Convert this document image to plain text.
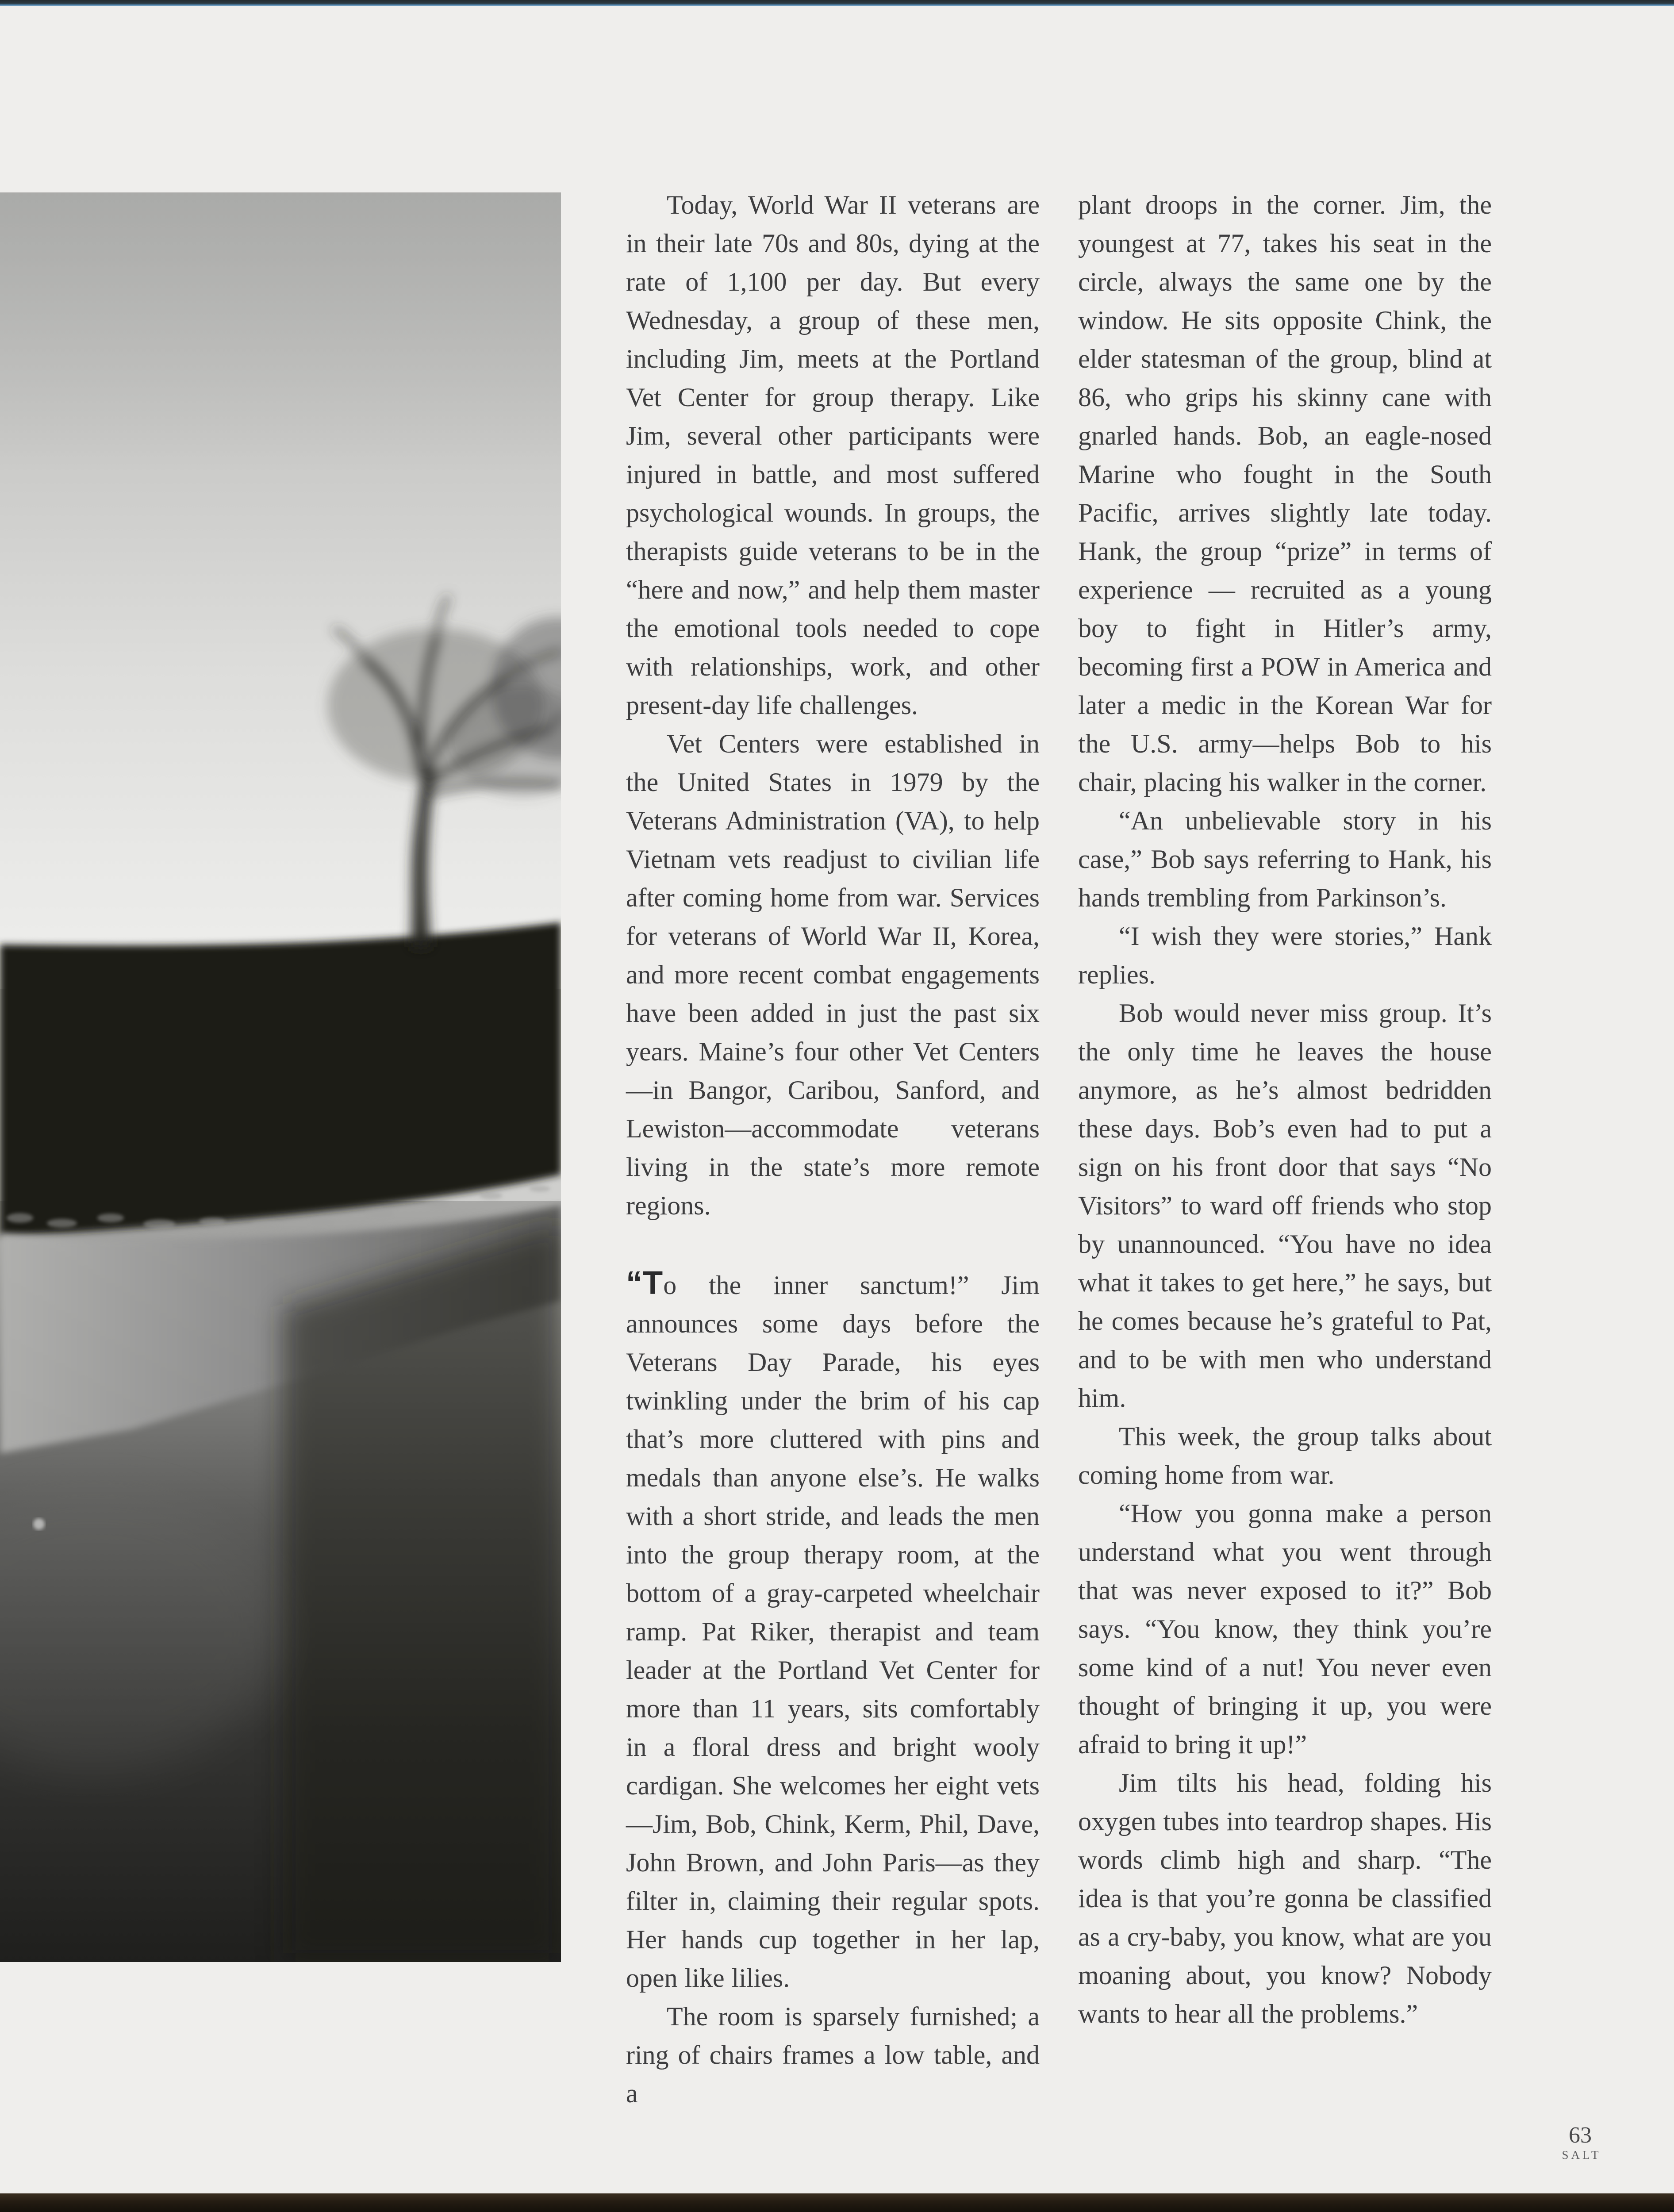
Today, World War II veterans are in their late 70s and 80s, dying at the rate of 1,100 per day. But every Wednesday, a group of these men, including Jim, meets at the Portland Vet Center for group therapy. Like Jim, several other participants were injured in battle, and most suffered psychological wounds. In groups, the therapists guide veterans to be in the “here and now,” and help them master the emotional tools needed to cope with relationships, work, and other present-day life challenges.

Vet Centers were established in the United States in 1979 by the Veterans Administration (VA), to help Vietnam vets readjust to civilian life after coming home from war. Services for veterans of World War II, Korea, and more recent combat engagements have been added in just the past six years. Maine’s four other Vet Centers—in Bangor, Caribou, Sanford, and Lewiston—accommodate veterans living in the state’s more remote regions.

“To the inner sanctum!” Jim announces some days before the Veterans Day Parade, his eyes twinkling under the brim of his cap that’s more cluttered with pins and medals than anyone else’s. He walks with a short stride, and leads the men into the group therapy room, at the bottom of a gray-carpeted wheelchair ramp. Pat Riker, therapist and team leader at the Portland Vet Center for more than 11 years, sits comfortably in a floral dress and bright wooly cardigan. She welcomes her eight vets—Jim, Bob, Chink, Kerm, Phil, Dave, John Brown, and John Paris—as they filter in, claiming their regular spots. Her hands cup together in her lap, open like lilies.

The room is sparsely furnished; a ring of chairs frames a low table, and a

plant droops in the corner. Jim, the youngest at 77, takes his seat in the circle, always the same one by the window. He sits opposite Chink, the elder statesman of the group, blind at 86, who grips his skinny cane with gnarled hands. Bob, an eagle-nosed Marine who fought in the South Pacific, arrives slightly late today. Hank, the group “prize” in terms of experience — recruited as a young boy to fight in Hitler’s army, becoming first a POW in America and later a medic in the Korean War for the U.S. army—helps Bob to his chair, placing his walker in the corner.

“An unbelievable story in his case,” Bob says referring to Hank, his hands trembling from Parkinson’s.

“I wish they were stories,” Hank replies.

Bob would never miss group. It’s the only time he leaves the house anymore, as he’s almost bedridden these days. Bob’s even had to put a sign on his front door that says “No Visitors” to ward off friends who stop by unannounced. “You have no idea what it takes to get here,” he says, but he comes because he’s grateful to Pat, and to be with men who understand him.

This week, the group talks about coming home from war.

“How you gonna make a person understand what you went through that was never exposed to it?” Bob says. “You know, they think you’re some kind of a nut! You never even thought of bringing it up, you were afraid to bring it up!”

Jim tilts his head, folding his oxygen tubes into teardrop shapes. His words climb high and sharp. “The idea is that you’re gonna be classified as a cry-baby, you know, what are you moaning about, you know? Nobody wants to hear all the problems.”

63
SALT
